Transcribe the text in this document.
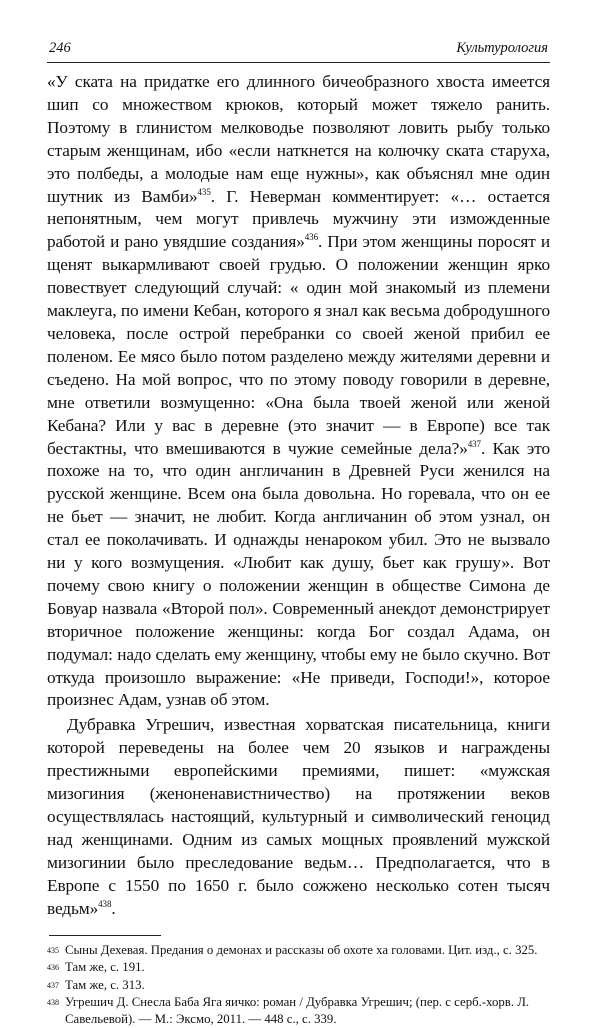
246	Культурология

«У ската на придатке его длинного бичеобразного хвоста имеется шип со множеством крюков, который может тяжело ранить. Поэтому в глинистом мелководье позволяют ловить рыбу только старым женщинам, ибо «если наткнется на колючку ската старуха, это полбеды, а молодые нам еще нужны», как объяснял мне один шутник из Вамби»$^{435}$. Г. Неверман комментирует: «… остается непонятным, чем могут привлечь мужчину эти изможденные работой и рано увядшие создания»$^{436}$. При этом женщины поросят и щенят выкармливают своей грудью. О положении женщин ярко повествует следующий случай: « один мой знакомый из племени маклеуга, по имени Кебан, которого я знал как весьма добродушного человека, после острой перебранки со своей женой прибил ее поленом. Ее мясо было потом разделено между жителями деревни и съедено. На мой вопрос, что по этому поводу говорили в деревне, мне ответили возмущенно: «Она была твоей женой или женой Кебана? Или у вас в деревне (это значит — в Европе) все так бестактны, что вмешиваются в чужие семейные дела?»$^{437}$. Как это похоже на то, что один англичанин в Древней Руси женился на русской женщине. Всем она была довольна. Но горевала, что он ее не бьет — значит, не любит. Когда англичанин об этом узнал, он стал ее поколачивать. И однажды ненароком убил. Это не вызвало ни у кого возмущения. «Любит как душу, бьет как грушу». Вот почему свою книгу о положении женщин в обществе Симона де Бовуар назвала «Второй пол». Современный анекдот демонстрирует вторичное положение женщины: когда Бог создал Адама, он подумал: надо сделать ему женщину, чтобы ему не было скучно. Вот откуда произошло выражение: «Не приведи, Господи!», которое произнес Адам, узнав об этом.

Дубравка Угрешич, известная хорватская писательница, книги которой переведены на более чем 20 языков и награждены престижными европейскими премиями, пишет: «мужская мизогиния (женоненавистничество) на протяжении веков осуществлялась настоящий, культурный и символический геноцид над женщинами. Одним из самых мощных проявлений мужской мизогинии было преследование ведьм… Предполагается, что в Европе с 1550 по 1650 г. было сожжено несколько сотен тысяч ведьм»$^{438}$.

435 Сыны Дехевая. Предания о демонах и рассказы об охоте ха головами. Цит. изд., с. 325.
436 Там же, с. 191.
437 Там же, с. 313.
438 Угрешич Д. Снесла Баба Яга яичко: роман / Дубравка Угрешич; (пер. с серб.-хорв. Л. Савельевой). — М.: Эксмо, 2011. — 448 с., с. 339.
